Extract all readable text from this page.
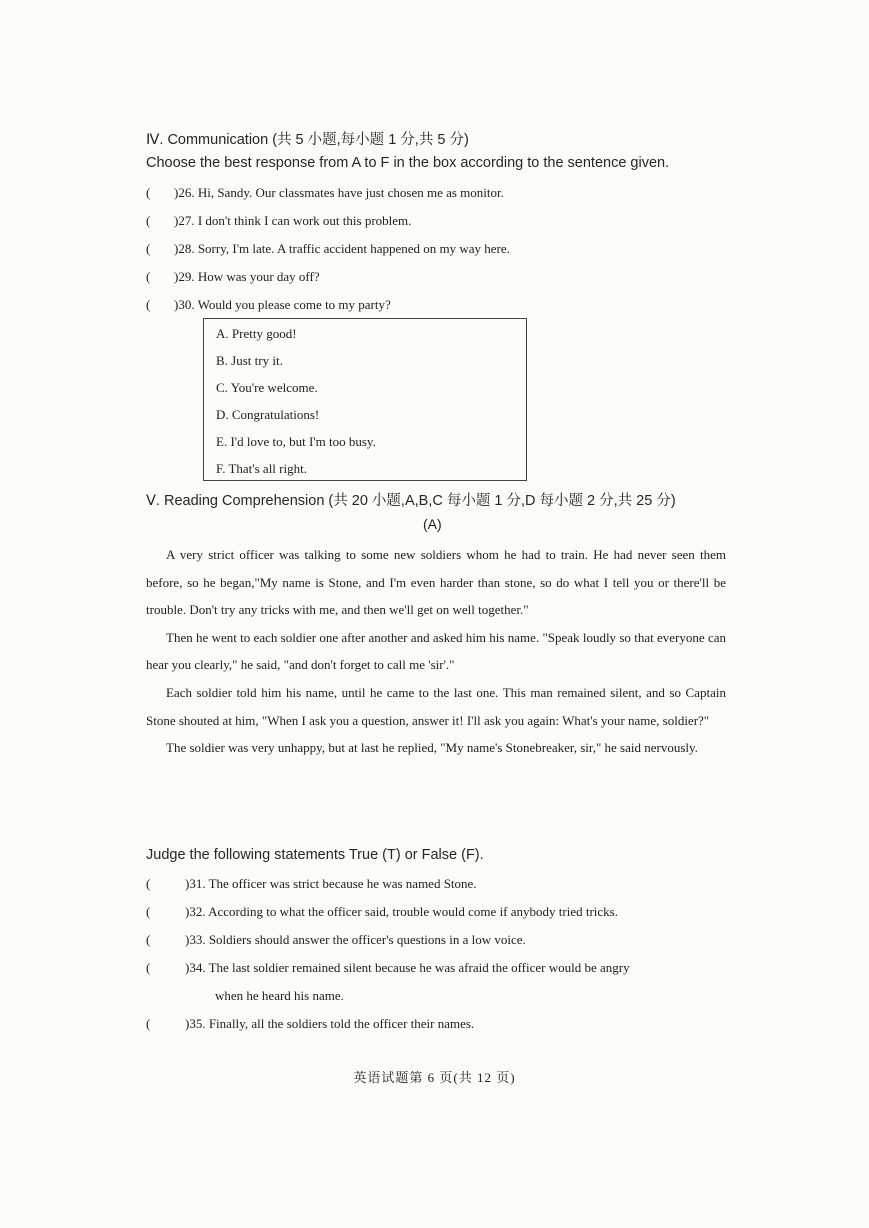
Ⅳ. Communication (共 5 小题,每小题 1 分,共 5 分)
Choose the best response from A to F in the box according to the sentence given.
( )26. Hi, Sandy. Our classmates have just chosen me as monitor.
( )27. I don't think I can work out this problem.
( )28. Sorry, I'm late. A traffic accident happened on my way here.
( )29. How was your day off?
( )30. Would you please come to my party?
A. Pretty good!
B. Just try it.
C. You're welcome.
D. Congratulations!
E. I'd love to, but I'm too busy.
F. That's all right.
Ⅴ. Reading Comprehension (共 20 小题,A,B,C 每小题 1 分,D 每小题 2 分,共 25 分)
(A)

A very strict officer was talking to some new soldiers whom he had to train. He had never seen them before, so he began,"My name is Stone, and I'm even harder than stone, so do what I tell you or there'll be trouble. Don't try any tricks with me, and then we'll get on well together."

Then he went to each soldier one after another and asked him his name. "Speak loudly so that everyone can hear you clearly," he said, "and don't forget to call me 'sir'."

Each soldier told him his name, until he came to the last one. This man remained silent, and so Captain Stone shouted at him, "When I ask you a question, answer it! I'll ask you again: What's your name, soldier?"

The soldier was very unhappy, but at last he replied, "My name's Stonebreaker, sir," he said nervously.

Judge the following statements True (T) or False (F).
(	)31. The officer was strict because he was named Stone.
(	)32. According to what the officer said, trouble would come if anybody tried tricks.
(	)33. Soldiers should answer the officer's questions in a low voice.
(	)34. The last soldier remained silent because he was afraid the officer would be angry
when he heard his name.
(	)35. Finally, all the soldiers told the officer their names.
英语试题第 6 页(共 12 页)
